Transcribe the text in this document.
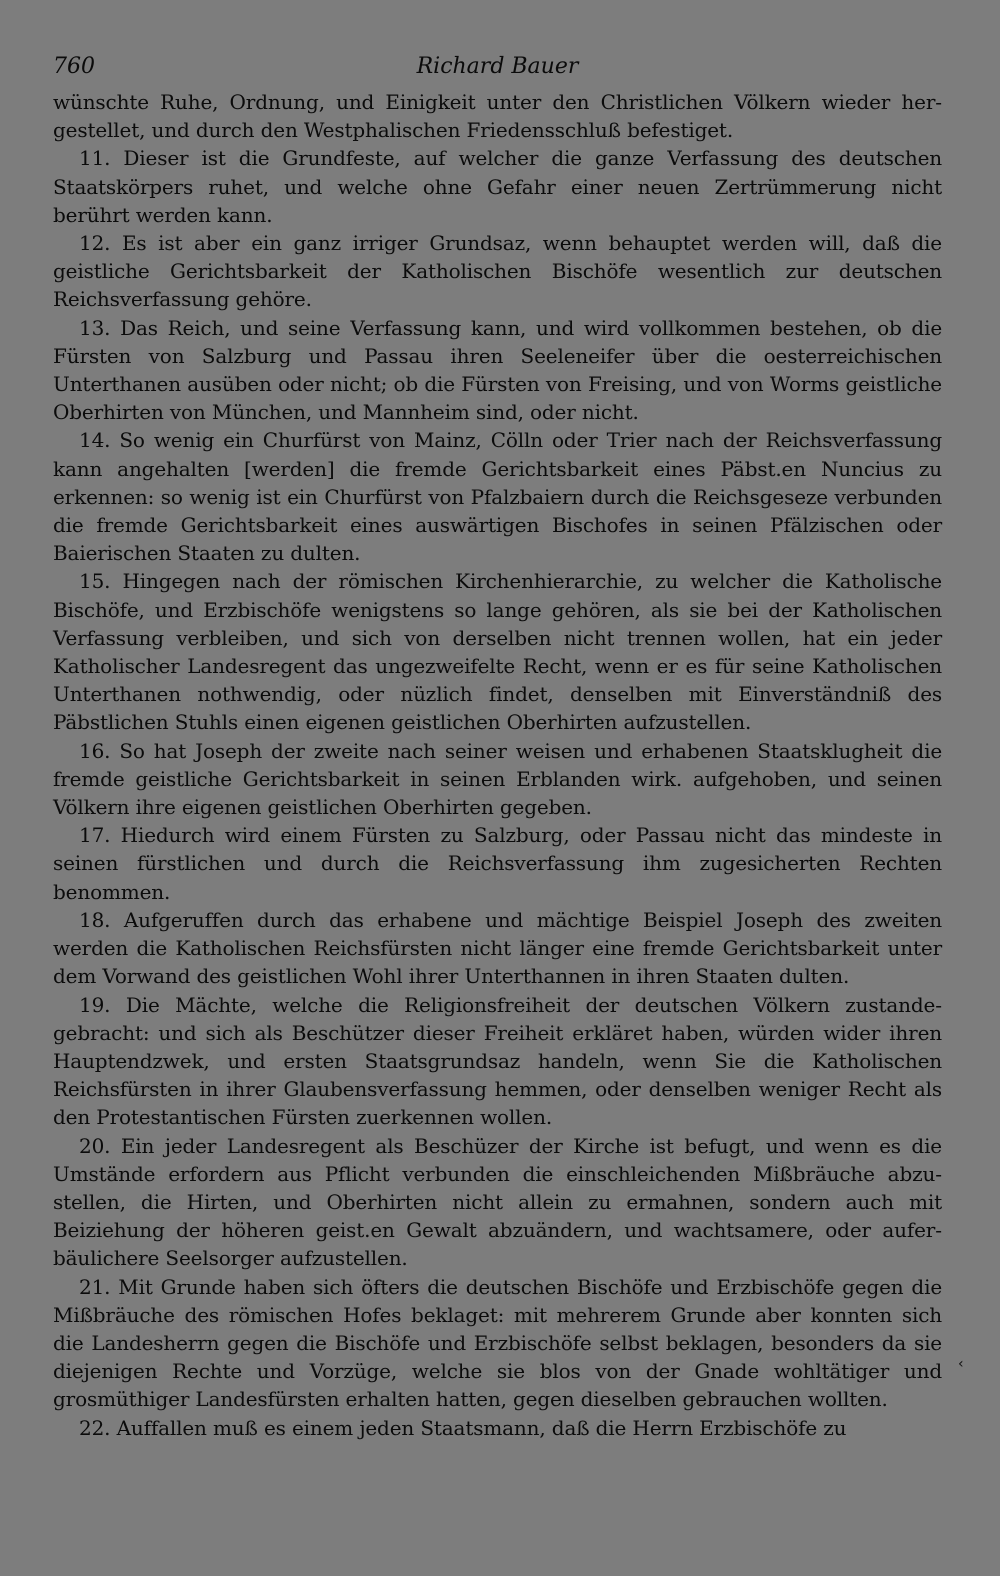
760	Richard Bauer

wünschte Ruhe, Ordnung, und Einigkeit unter den Christlichen Völkern wieder hergestellet, und durch den Westphalischen Friedensschluß befestiget.

11. Dieser ist die Grundfeste, auf welcher die ganze Verfassung des deutschen Staatskörpers ruhet, und welche ohne Gefahr einer neuen Zertrümmerung nicht berührt werden kann.

12. Es ist aber ein ganz irriger Grundsaz, wenn behauptet werden will, daß die geistliche Gerichtsbarkeit der Katholischen Bischöfe wesentlich zur deutschen Reichsverfassung gehöre.

13. Das Reich, und seine Verfassung kann, und wird vollkommen bestehen, ob die Fürsten von Salzburg und Passau ihren Seeleneifer über die oesterreichischen Unterthanen ausüben oder nicht; ob die Fürsten von Freising, und von Worms geistliche Oberhirten von München, und Mannheim sind, oder nicht.

14. So wenig ein Churfürst von Mainz, Cölln oder Trier nach der Reichsverfassung kann angehalten [werden] die fremde Gerichtsbarkeit eines Päbst.en Nuncius zu erkennen: so wenig ist ein Churfürst von Pfalzbaiern durch die Reichsgeseze verbunden die fremde Gerichtsbarkeit eines auswärtigen Bischofes in seinen Pfälzischen oder Baierischen Staaten zu dulten.

15. Hingegen nach der römischen Kirchenhierarchie, zu welcher die Katholische Bischöfe, und Erzbischöfe wenigstens so lange gehören, als sie bei der Katholischen Verfassung verbleiben, und sich von derselben nicht trennen wollen, hat ein jeder Katholischer Landesregent das ungezweifelte Recht, wenn er es für seine Katholischen Unterthanen nothwendig, oder nüzlich findet, denselben mit Einverständniß des Päbstlichen Stuhls einen eigenen geistlichen Oberhirten aufzustellen.

16. So hat Joseph der zweite nach seiner weisen und erhabenen Staatsklugheit die fremde geistliche Gerichtsbarkeit in seinen Erblanden wirk. aufgehoben, und seinen Völkern ihre eigenen geistlichen Oberhirten gegeben.

17. Hiedurch wird einem Fürsten zu Salzburg, oder Passau nicht das mindeste in seinen fürstlichen und durch die Reichsverfassung ihm zugesicherten Rechten benommen.

18. Aufgeruffen durch das erhabene und mächtige Beispiel Joseph des zweiten werden die Katholischen Reichsfürsten nicht länger eine fremde Gerichtsbarkeit unter dem Vorwand des geistlichen Wohl ihrer Unterthannen in ihren Staaten dulten.

19. Die Mächte, welche die Religionsfreiheit der deutschen Völkern zustandegebracht: und sich als Beschützer dieser Freiheit erkläret haben, würden wider ihren Hauptendzwek, und ersten Staatsgrundsaz handeln, wenn Sie die Katholischen Reichsfürsten in ihrer Glaubensverfassung hemmen, oder denselben weniger Recht als den Protestantischen Fürsten zuerkennen wollen.

20. Ein jeder Landesregent als Beschüzer der Kirche ist befugt, und wenn es die Umstände erfordern aus Pflicht verbunden die einschleichenden Mißbräuche abzustellen, die Hirten, und Oberhirten nicht allein zu ermahnen, sondern auch mit Beiziehung der höheren geist.en Gewalt abzuändern, und wachtsamere, oder auferbäulichere Seelsorger aufzustellen.

21. Mit Grunde haben sich öfters die deutschen Bischöfe und Erzbischöfe gegen die Mißbräuche des römischen Hofes beklaget: mit mehrerem Grunde aber konnten sich die Landesherrn gegen die Bischöfe und Erzbischöfe selbst beklagen, besonders da sie diejenigen Rechte und Vorzüge, welche sie blos von der Gnade wohltätiger und grosmüthiger Landesfürsten erhalten hatten, gegen dieselben gebrauchen wollten.

22. Auffallen muß es einem jeden Staatsmann, daß die Herrn Erzbischöfe zu

‹
